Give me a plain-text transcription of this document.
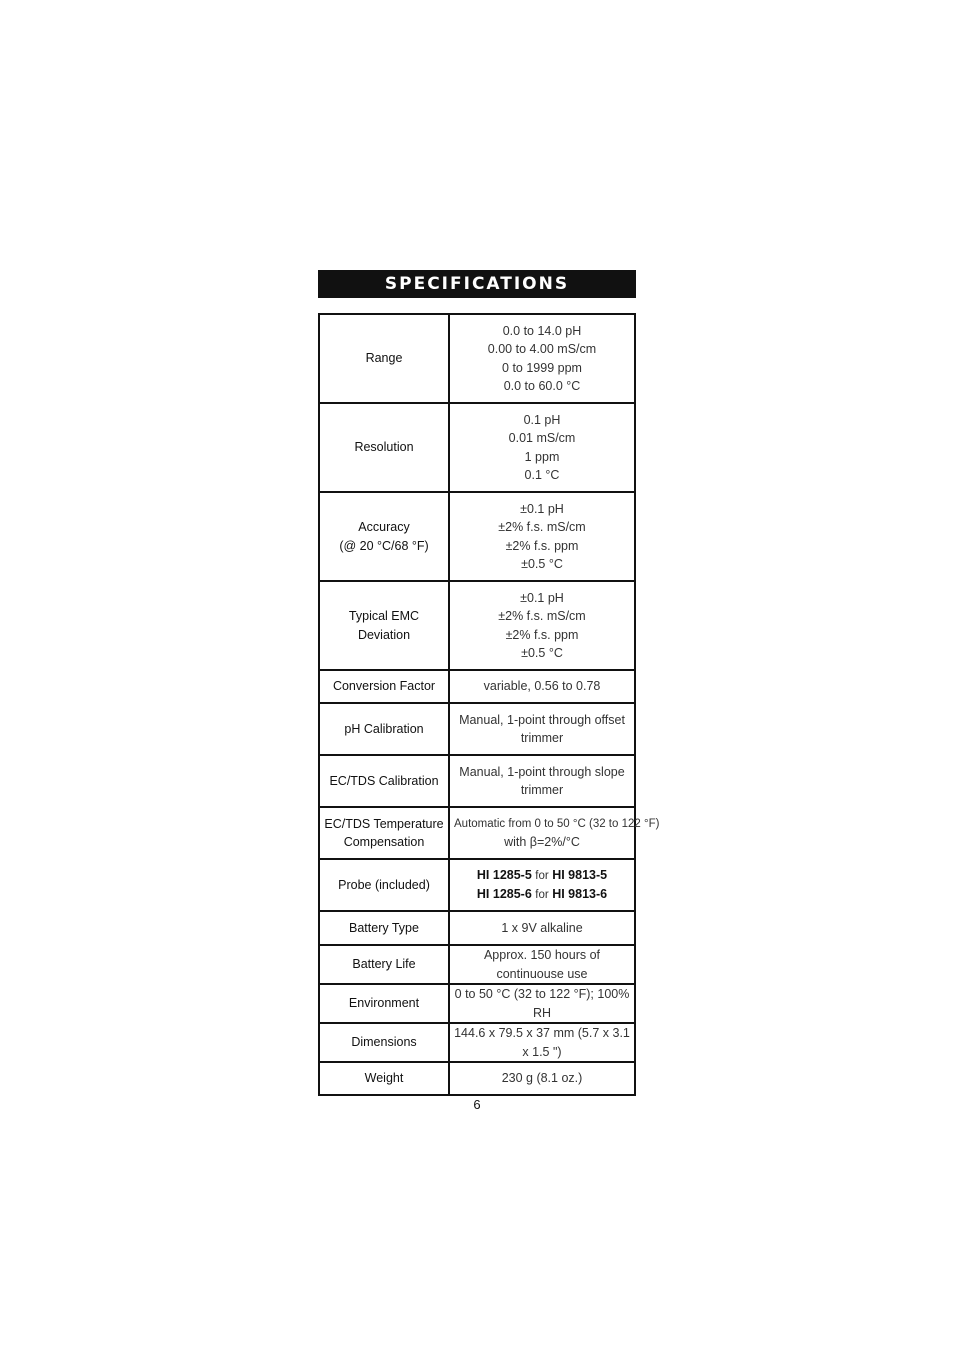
SPECIFICATIONS
Range	0.0 to 14.0 pH
0.00 to 4.00 mS/cm
0 to 1999 ppm
0.0 to 60.0 °C

Resolution	0.1 pH
0.01 mS/cm
1 ppm
0.1 °C

Accuracy
(@ 20 °C/68 °F)	±0.1 pH
±2% f.s. mS/cm
±2% f.s. ppm
±0.5 °C

Typical EMC Deviation	±0.1 pH
±2% f.s. mS/cm
±2% f.s. ppm
±0.5 °C

Conversion Factor	variable, 0.56 to 0.78
pH Calibration	Manual, 1-point through offset
trimmer

EC/TDS Calibration	Manual, 1-point through slope
trimmer

EC/TDS Temperature
Compensation	Automatic from 0 to 50 °C (32 to 122 °F)
with β=2%/°C

Probe (included)	HI 1285-5 for HI 9813-5
HI 1285-6 for HI 9813-6

Battery Type	1 x 9V alkaline
Battery Life	Approx. 150 hours of continuouse use
Environment	0 to 50 °C (32 to 122 °F); 100% RH
Dimensions	144.6 x 79.5 x 37 mm (5.7 x 3.1 x 1.5 ")
Weight	230 g (8.1 oz.)
6
